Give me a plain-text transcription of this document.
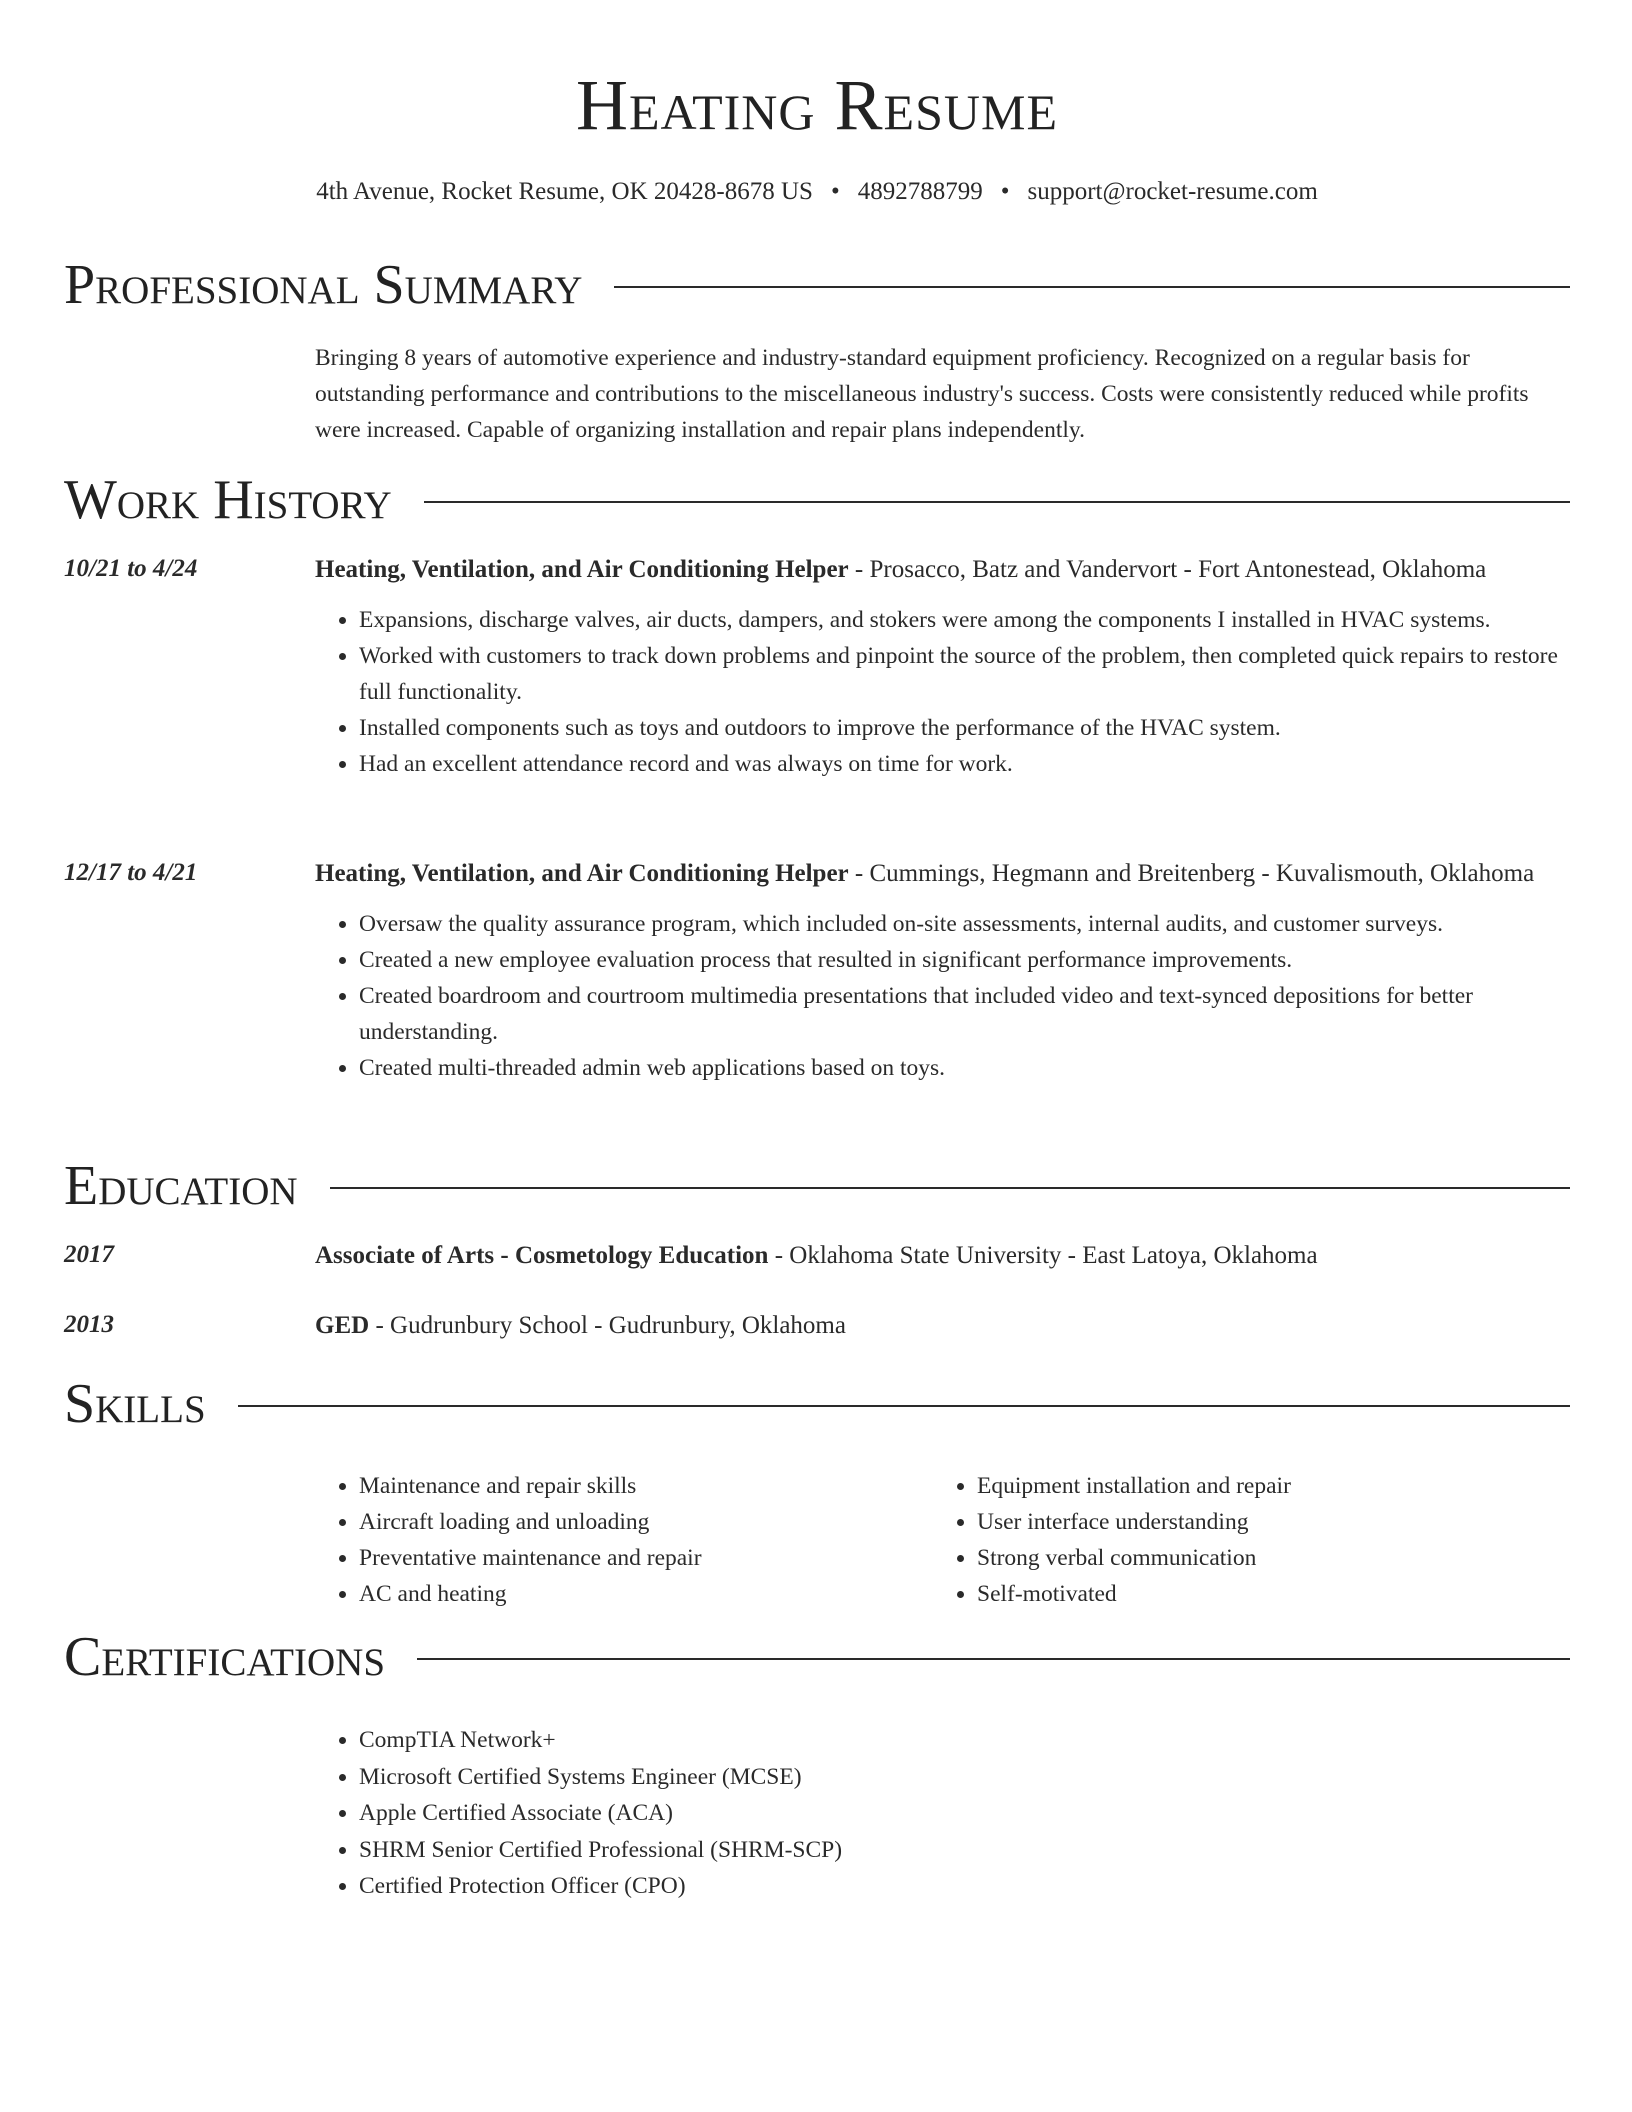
Heating Resume
4th Avenue, Rocket Resume, OK 20428-8678 US • 4892788799 • support@rocket-resume.com
Professional Summary
Bringing 8 years of automotive experience and industry-standard equipment proficiency. Recognized on a regular basis for outstanding performance and contributions to the miscellaneous industry's success. Costs were consistently reduced while profits were increased. Capable of organizing installation and repair plans independently.
Work History
10/21 to 4/24	Heating, Ventilation, and Air Conditioning Helper - Prosacco, Batz and Vandervort - Fort Antonestead, Oklahoma
• Expansions, discharge valves, air ducts, dampers, and stokers were among the components I installed in HVAC systems.
• Worked with customers to track down problems and pinpoint the source of the problem, then completed quick repairs to restore full functionality.
• Installed components such as toys and outdoors to improve the performance of the HVAC system.
• Had an excellent attendance record and was always on time for work.
12/17 to 4/21	Heating, Ventilation, and Air Conditioning Helper - Cummings, Hegmann and Breitenberg - Kuvalismouth, Oklahoma
• Oversaw the quality assurance program, which included on-site assessments, internal audits, and customer surveys.
• Created a new employee evaluation process that resulted in significant performance improvements.
• Created boardroom and courtroom multimedia presentations that included video and text-synced depositions for better understanding.
• Created multi-threaded admin web applications based on toys.
Education
2017	Associate of Arts - Cosmetology Education - Oklahoma State University - East Latoya, Oklahoma
2013	GED - Gudrunbury School - Gudrunbury, Oklahoma
Skills
• Maintenance and repair skills
• Aircraft loading and unloading
• Preventative maintenance and repair
• AC and heating
• Equipment installation and repair
• User interface understanding
• Strong verbal communication
• Self-motivated
Certifications
• CompTIA Network+
• Microsoft Certified Systems Engineer (MCSE)
• Apple Certified Associate (ACA)
• SHRM Senior Certified Professional (SHRM-SCP)
• Certified Protection Officer (CPO)
